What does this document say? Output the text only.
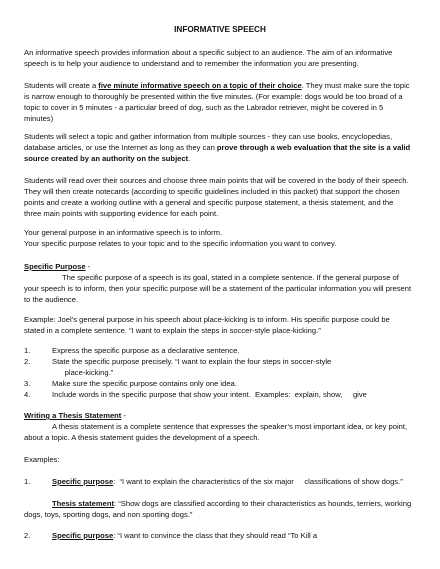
INFORMATIVE SPEECH

An informative speech provides information about a specific subject to an audience. The aim of an informative speech is to help your audience to understand and to remember the information you are presenting.

Students will create a five minute informative speech on a topic of their choice. They must make sure the topic is narrow enough to thoroughly be presented within the five minutes. (For example: dogs would be too broad of a topic to cover in 5 minutes - a particular breed of dog, such as the Labrador retriever, might be covered in 5 minutes)

Students will select a topic and gather information from multiple sources - they can use books, encyclopedias, database articles, or use the Internet as long as they can prove through a web evaluation that the site is a valid source created by an authority on the subject.

Students will read over their sources and choose three main points that will be covered in the body of their speech. They will then create notecards (according to specific guidelines included in this packet) that support the chosen points and create a working outline with a general and specific purpose statement, a thesis statement, and the three main points with supporting evidence for each point.

Your general purpose in an informative speech is to inform.

Your specific purpose relates to your topic and to the specific information you want to convey.

Specific Purpose -

The specific purpose of a speech is its goal, stated in a complete sentence. If the general purpose of your speech is to inform, then your specific purpose will be a statement of the particular information you will present to the audience.

Example: Joel’s general purpose in his speech about place-kicking is to inform. His specific purpose could be stated in a complete sentence. “I want to explain the steps in soccer-style place-kicking.”

1.	Express the specific purpose as a declarative sentence.
2.	State the specific purpose precisely. “I want to explain the four steps in soccer-style
place-kicking.”
3.	Make sure the specific purpose contains only one idea.
4.	Include words in the specific purpose that show your intent.  Examples:  explain, show,     give

Writing a Thesis Statement -

A thesis statement is a complete sentence that expresses the speaker’s most important idea, or key point, about a topic. A thesis statement guides the development of a speech.

Examples:

1.	Specific purpose:  “I want to explain the characteristics of the six major     classifications of show dogs.”

Thesis statement: “Show dogs are classified according to their characteristics as hounds, terriers, working dogs, toys, sporting dogs, and non sporting dogs.”

2.	Specific purpose: “I want to convince the class that they should read “To Kill a
